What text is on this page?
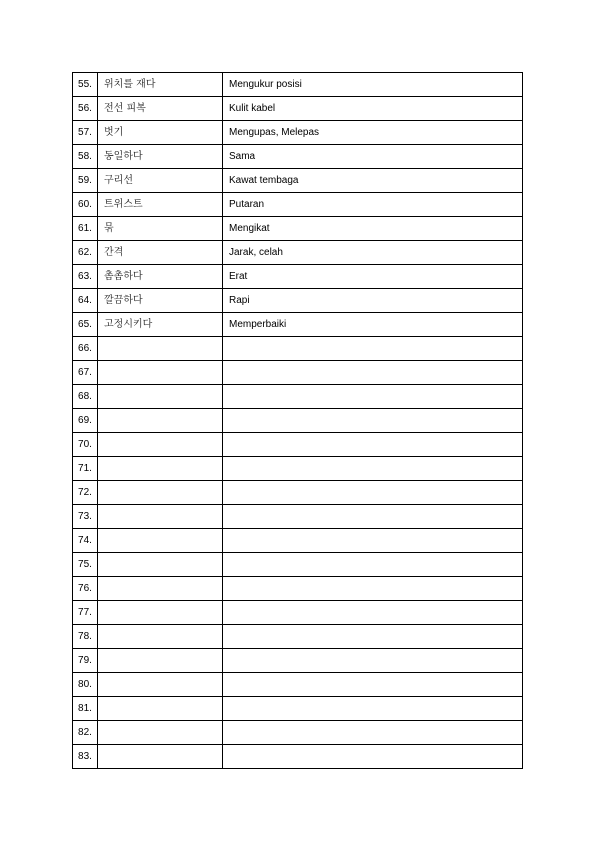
55.	위치를 재다	Mengukur posisi
56.	전선 피복	Kulit kabel
57.	벗기	Mengupas, Melepas
58.	동일하다	Sama
59.	구리선	Kawat tembaga
60.	트위스트	Putaran
61.	묶	Mengikat
62.	간격	Jarak, celah
63.	촘촘하다	Erat
64.	깔끔하다	Rapi
65.	고정시키다	Memperbaiki
66.		
67.		
68.		
69.		
70.		
71.		
72.		
73.		
74.		
75.		
76.		
77.		
78.		
79.		
80.		
81.		
82.		
83.		
